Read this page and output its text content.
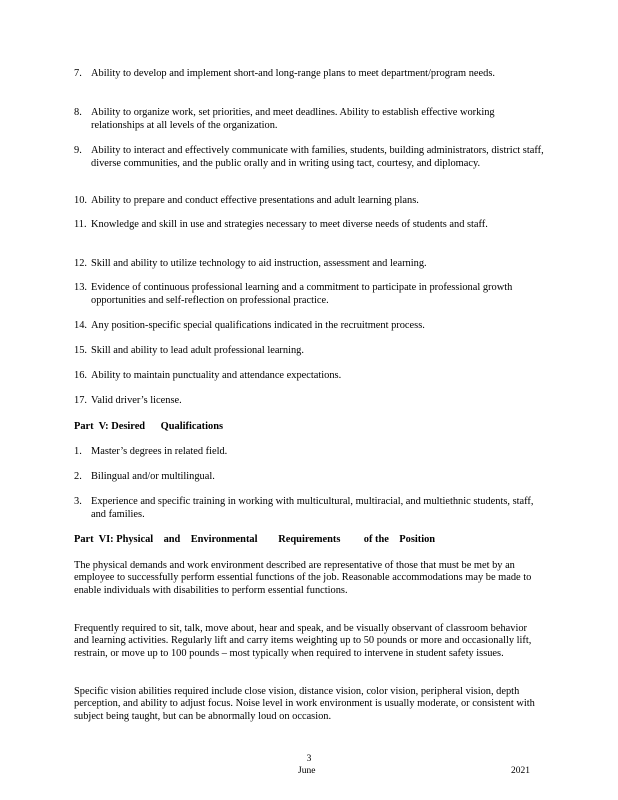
7. Ability to develop and implement short-and long-range plans to meet department/program needs.
8. Ability to organize work, set priorities, and meet deadlines. Ability to establish effective working relationships at all levels of the organization.
9. Ability to interact and effectively communicate with families, students, building administrators, district staff, diverse communities, and the public orally and in writing using tact, courtesy, and diplomacy.
10. Ability to prepare and conduct effective presentations and adult learning plans.
11. Knowledge and skill in use and strategies necessary to meet diverse needs of students and staff.
12. Skill and ability to utilize technology to aid instruction, assessment and learning.
13. Evidence of continuous professional learning and a commitment to participate in professional growth opportunities and self-reflection on professional practice.
14. Any position-specific special qualifications indicated in the recruitment process.
15. Skill and ability to lead adult professional learning.
16. Ability to maintain punctuality and attendance expectations.
17. Valid driver’s license.
Part  V: Desired      Qualifications
1. Master’s degrees in related field.
2. Bilingual and/or multilingual.
3. Experience and specific training in working with multicultural, multiracial, and multiethnic students, staff, and families.
Part  VI: Physical    and    Environmental        Requirements         of the    Position
The physical demands and work environment described are representative of those that must be met by an employee to successfully perform essential functions of the job. Reasonable accommodations may be made to enable individuals with disabilities to perform essential functions.
Frequently required to sit, talk, move about, hear and speak, and be visually observant of classroom behavior and learning activities. Regularly lift and carry items weighting up to 50 pounds or more and occasionally lift, restrain, or move up to 100 pounds – most typically when required to intervene in student safety issues.
Specific vision abilities required include close vision, distance vision, color vision, peripheral vision, depth perception, and ability to adjust focus. Noise level in work environment is usually moderate, or consistent with subject being taught, but can be abnormally loud on occasion.
3
June	2021
